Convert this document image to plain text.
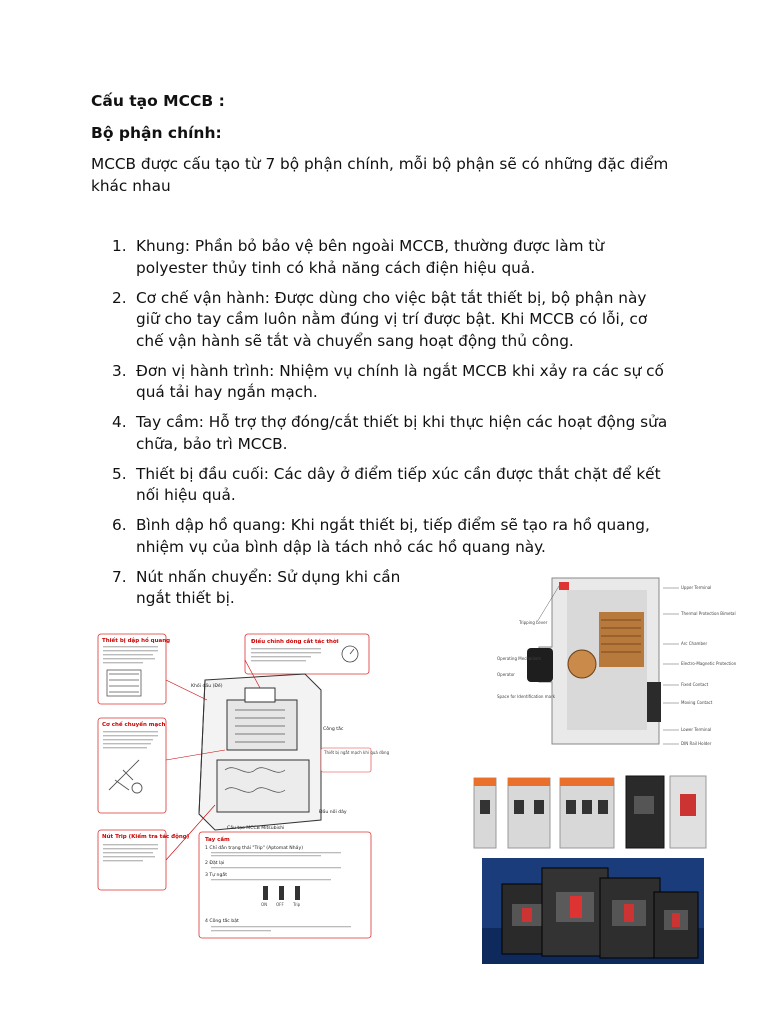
Cấu tạo MCCB :
Bộ phận chính:

MCCB được cấu tạo từ 7 bộ phận chính, mỗi bộ phận sẽ có những đặc điểm khác nhau

1. Khung: Phần bỏ bảo vệ bên ngoài MCCB, thường được làm từ polyester thủy tinh có khả năng cách điện hiệu quả.
2. Cơ chế vận hành: Được dùng cho việc bật tắt thiết bị, bộ phận này giữ cho tay cầm luôn nằm đúng vị trí được bật. Khi MCCB có lỗi, cơ chế vận hành sẽ tắt và chuyển sang hoạt động thủ công.
3. Đơn vị hành trình: Nhiệm vụ chính là ngắt MCCB khi xảy ra các sự cố quá tải hay ngắn mạch.
4. Tay cầm: Hỗ trợ thợ đóng/cắt thiết bị khi thực hiện các hoạt động sửa chữa, bảo trì MCCB.
5. Thiết bị đầu cuối: Các dây ở điểm tiếp xúc cần được thắt chặt để kết nối hiệu quả.
6. Bình dập hồ quang: Khi ngắt thiết bị, tiếp điểm sẽ tạo ra hồ quang, nhiệm vụ của bình dập là tách nhỏ các hồ quang này.
7. Nút nhấn chuyển: Sử dụng khi cần ngắt thiết bị.
Thiết bị dập hồ quang	Điều chỉnh dòng cắt tác thời
Cơ chế chuyển mạch
Nút Trip (Kiểm tra tác động)
Khối đầu (Đế)
Công tắc
Thiết bị ngắt mạch khi quá dòng
Đầu nối dây
Cấu tạo MCCB Mitsubishi
Tay cầm
1 Chỉ dẫn trạng thái "Trip" (Aptomat Nhảy)
2 Đặt lại
3 Tự ngắt
ON OFF Trip
4 Công tắc bật
Tripping Lever
Operating Mechanism
Operator
Space for Identification mark
Upper Terminal
Thermal Protection Bimetal
Arc Chamber
Electro-Magnetic Protection
Fixed Contact
Moving Contact
Lower Terminal
DIN Rail Holder
